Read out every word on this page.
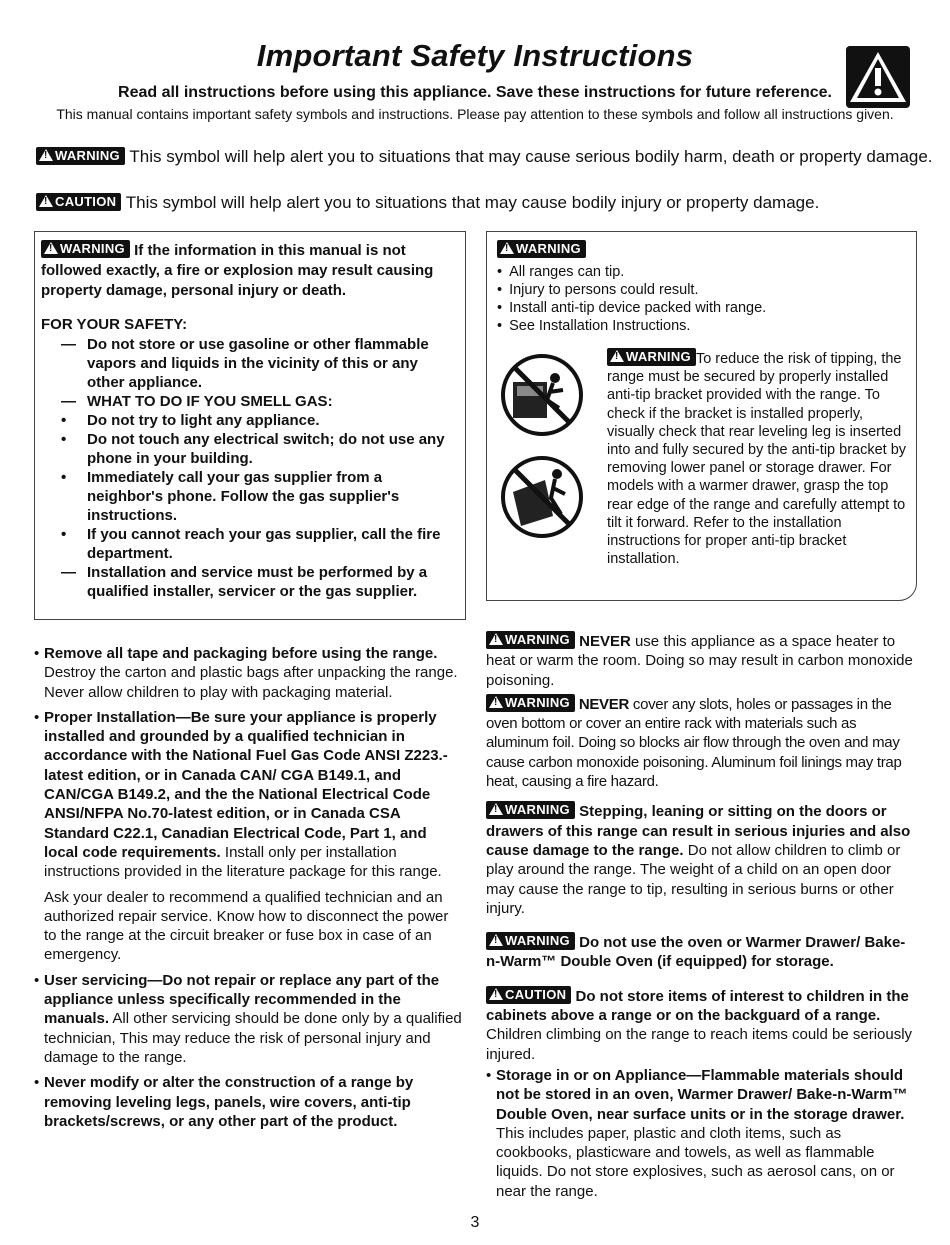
Important Safety Instructions
Read all instructions before using this appliance. Save these instructions for future reference.
This manual contains important safety symbols and instructions. Please pay attention to these symbols and follow all instructions given.
!WARNING This symbol will help alert you to situations that may cause serious bodily harm, death or property damage.
!CAUTION This symbol will help alert you to situations that may cause bodily injury or property damage.
!WARNING If the information in this manual is not followed exactly, a fire or explosion may result causing property damage, personal injury or death.
FOR YOUR SAFETY:
— Do not store or use gasoline or other flammable vapors and liquids in the vicinity of this or any other appliance.
— WHAT TO DO IF YOU SMELL GAS:
• Do not try to light any appliance.
• Do not touch any electrical switch; do not use any phone in your building.
• Immediately call your gas supplier from a neighbor's phone. Follow the gas supplier's instructions.
• If you cannot reach your gas supplier, call the fire department.
— Installation and service must be performed by a qualified installer, servicer or the gas supplier.
!WARNING
• All ranges can tip.
• Injury to persons could result.
• Install anti-tip device packed with range.
• See Installation Instructions.
!WARNING To reduce the risk of tipping, the range must be secured by properly installed anti-tip bracket provided with the range. To check if the bracket is installed properly, visually check that rear leveling leg is inserted into and fully secured by the anti-tip bracket by removing lower panel or storage drawer. For models with a warmer drawer, grasp the top rear edge of the range and carefully attempt to tilt it forward. Refer to the installation instructions for proper anti-tip bracket installation.

• Remove all tape and packaging before using the range. Destroy the carton and plastic bags after unpacking the range. Never allow children to play with packaging material.

• Proper Installation—Be sure your appliance is properly installed and grounded by a qualified technician in accordance with the National Fuel Gas Code ANSI Z223.- latest edition, or in Canada CAN/ CGA B149.1, and CAN/CGA B149.2, and the the National Electrical Code ANSI/NFPA No.70-latest edition, or in Canada CSA Standard C22.1, Canadian Electrical Code, Part 1, and local code requirements. Install only per installation instructions provided in the literature package for this range.

Ask your dealer to recommend a qualified technician and an authorized repair service. Know how to disconnect the power to the range at the circuit breaker or fuse box in case of an emergency.

• User servicing—Do not repair or replace any part of the appliance unless specifically recommended in the manuals. All other servicing should be done only by a qualified technician, This may reduce the risk of personal injury and damage to the range.

• Never modify or alter the construction of a range by removing leveling legs, panels, wire covers, anti-tip brackets/screws, or any other part of the product.

!WARNING NEVER use this appliance as a space heater to heat or warm the room. Doing so may result in carbon monoxide poisoning.

!WARNING NEVER cover any slots, holes or passages in the oven bottom or cover an entire rack with materials such as aluminum foil. Doing so blocks air flow through the oven and may cause carbon monoxide poisoning. Aluminum foil linings may trap heat, causing a fire hazard.

!WARNING Stepping, leaning or sitting on the doors or drawers of this range can result in serious injuries and also cause damage to the range. Do not allow children to climb or play around the range. The weight of a child on an open door may cause the range to tip, resulting in serious burns or other injury.

!WARNING Do not use the oven or Warmer Drawer/ Bake-n-Warm™ Double Oven (if equipped) for storage.

!CAUTION Do not store items of interest to children in the cabinets above a range or on the backguard of a range. Children climbing on the range to reach items could be seriously injured.

• Storage in or on Appliance—Flammable materials should not be stored in an oven, Warmer Drawer/ Bake-n-Warm™ Double Oven, near surface units or in the storage drawer. This includes paper, plastic and cloth items, such as cookbooks, plasticware and towels, as well as flammable liquids. Do not store explosives, such as aerosol cans, on or near the range.

3
